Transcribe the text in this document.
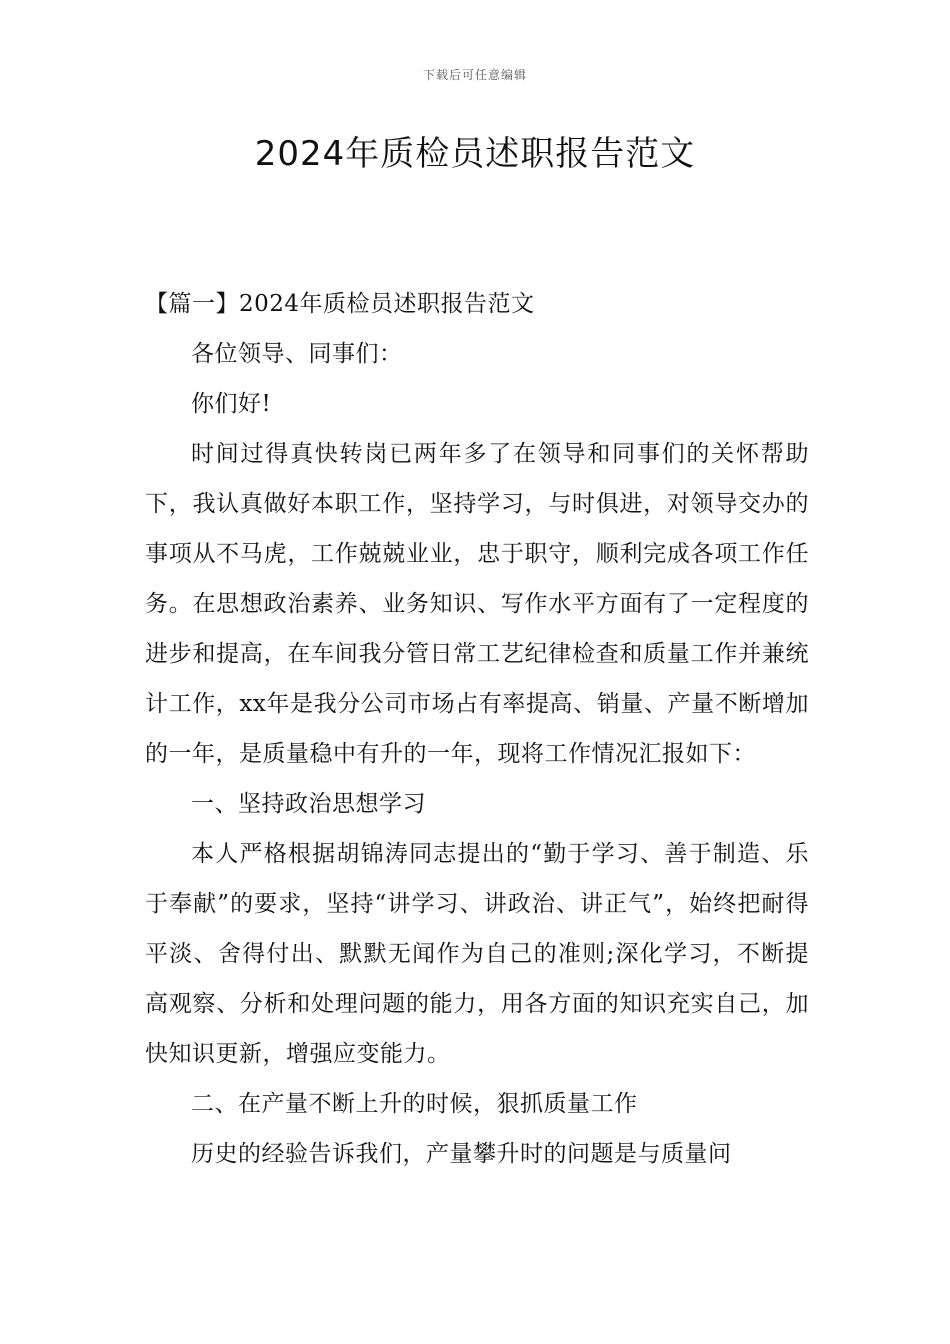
下载后可任意编辑
2024年质检员述职报告范文

【篇一】2024年质检员述职报告范文

各位领导、同事们：

你们好!

时间过得真快转岗已两年多了在领导和同事们的关怀帮助下，我认真做好本职工作，坚持学习，与时俱进，对领导交办的事项从不马虎，工作兢兢业业，忠于职守，顺利完成各项工作任务。在思想政治素养、业务知识、写作水平方面有了一定程度的进步和提高，在车间我分管日常工艺纪律检查和质量工作并兼统计工作，xx年是我分公司市场占有率提高、销量、产量不断增加的一年，是质量稳中有升的一年，现将工作情况汇报如下：

一、坚持政治思想学习

本人严格根据胡锦涛同志提出的“勤于学习、善于制造、乐于奉献”的要求，坚持“讲学习、讲政治、讲正气”，始终把耐得平淡、舍得付出、默默无闻作为自己的准则;深化学习，不断提高观察、分析和处理问题的能力，用各方面的知识充实自己，加快知识更新，增强应变能力。

二、在产量不断上升的时候，狠抓质量工作

历史的经验告诉我们，产量攀升时的问题是与质量问
